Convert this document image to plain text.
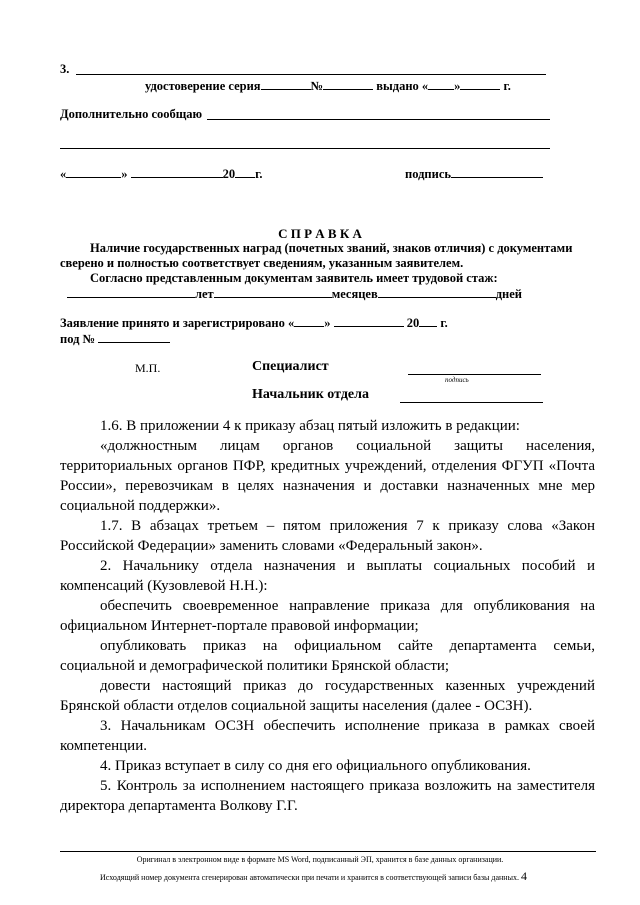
3.
удостоверение серия	№	выдано « »	г.
Дополнительно сообщаю
«	»	20 г.	подпись
С П Р А В К А
Наличие государственных наград (почетных званий, знаков отличия) с документами
сверено и полностью соответствует сведениям, указанным заявителем.
Согласно представленным документам заявитель имеет трудовой стаж:
лет	месяцев	дней
Заявление принято и зарегистрировано « »	20 г.
под №
М.П.	Специалист
подпись
Начальник отдела
1.6. В приложении 4 к приказу абзац пятый изложить в редакции:
«должностным лицам органов социальной защиты населения,
территориальных органов ПФР, кредитных учреждений, отделения ФГУП «Почта
России», перевозчикам в целях назначения и доставки назначенных мне мер
социальной поддержки».
1.7. В абзацах третьем – пятом приложения 7 к приказу слова «Закон
Российской Федерации» заменить словами «Федеральный закон».
2. Начальнику отдела назначения и выплаты социальных пособий и
компенсаций (Кузовлевой Н.Н.):
обеспечить своевременное направление приказа для опубликования на
официальном Интернет-портале правовой информации;
опубликовать приказ на официальном сайте департамента семьи,
социальной и демографической политики Брянской области;
довести настоящий приказ до государственных казенных учреждений
Брянской области отделов социальной защиты населения (далее - ОСЗН).
3. Начальникам ОСЗН обеспечить исполнение приказа в рамках своей
компетенции.
4. Приказ вступает в силу со дня его официального опубликования.
5. Контроль за исполнением настоящего приказа возложить на заместителя
директора департамента Волкову Г.Г.
Оригинал в электронном виде в формате MS Word, подписанный ЭП, хранится в базе данных организации.
Исходящий номер документа сгенерирован автоматически при печати и хранится в соответствующей записи базы данных. 4
